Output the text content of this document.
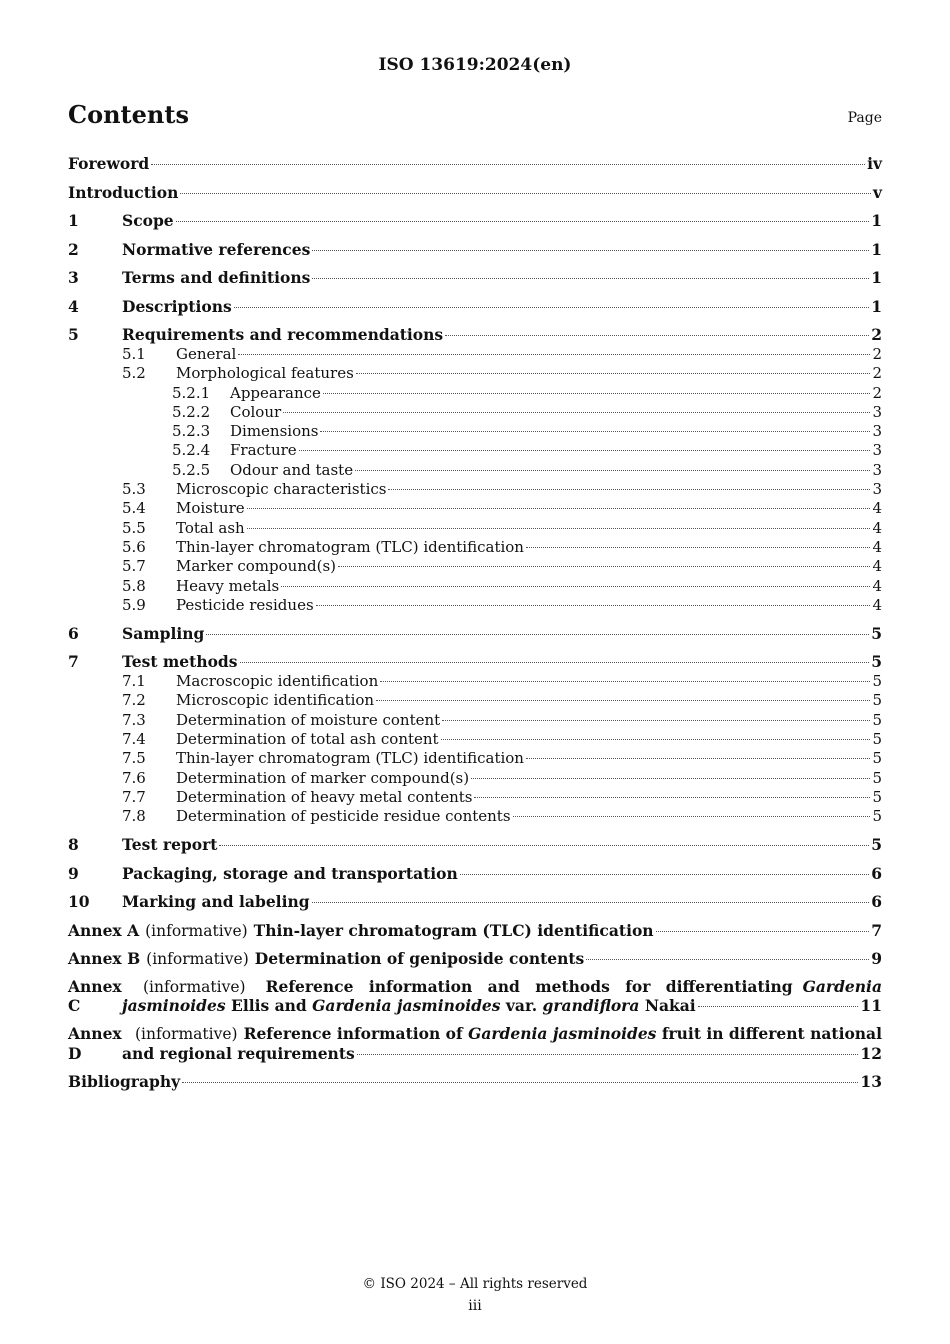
ISO 13619:2024(en)
Contents	Page
Foreword	iv
Introduction	v
1	Scope	1
2	Normative references	1
3	Terms and definitions	1
4	Descriptions	1
5	Requirements and recommendations	2
5.1	General	2
5.2	Morphological features	2
5.2.1	Appearance	2
5.2.2	Colour	3
5.2.3	Dimensions	3
5.2.4	Fracture	3
5.2.5	Odour and taste	3
5.3	Microscopic characteristics	3
5.4	Moisture	4
5.5	Total ash	4
5.6	Thin-layer chromatogram (TLC) identification	4
5.7	Marker compound(s)	4
5.8	Heavy metals	4
5.9	Pesticide residues	4
6	Sampling	5
7	Test methods	5
7.1	Macroscopic identification	5
7.2	Microscopic identification	5
7.3	Determination of moisture content	5
7.4	Determination of total ash content	5
7.5	Thin-layer chromatogram (TLC) identification	5
7.6	Determination of marker compound(s)	5
7.7	Determination of heavy metal contents	5
7.8	Determination of pesticide residue contents	5
8	Test report	5
9	Packaging, storage and transportation	6
10	Marking and labeling	6
Annex A (informative) Thin-layer chromatogram (TLC) identification	7
Annex B (informative) Determination of geniposide contents	9
Annex C
(informative) Reference information and methods for differentiating Gardenia
jasminoides Ellis and Gardenia jasminoides var. grandiflora Nakai	11
Annex D
(informative) Reference information of Gardenia jasminoides fruit in different national
and regional requirements	12
Bibliography	13
© ISO 2024 – All rights reserved
iii
